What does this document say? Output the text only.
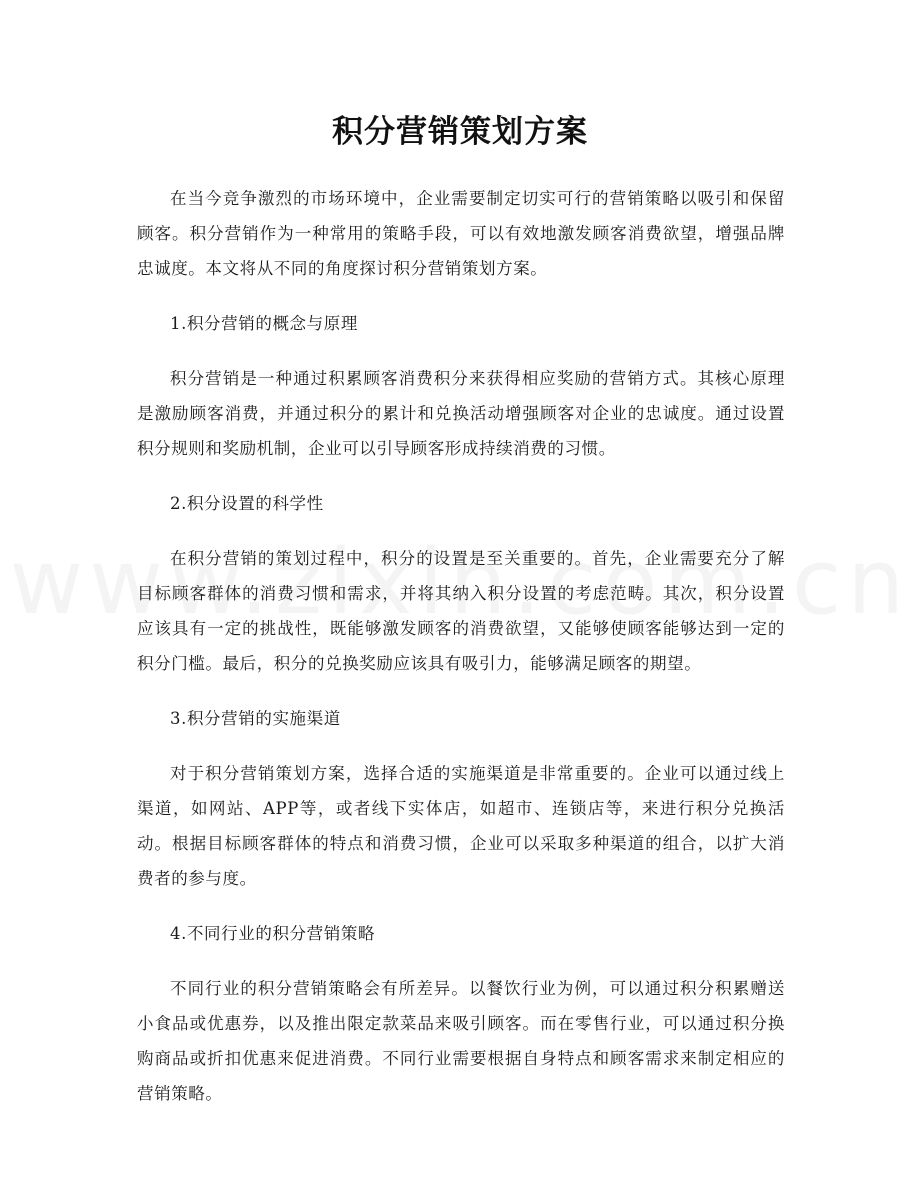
积分营销策划方案

在当今竞争激烈的市场环境中，企业需要制定切实可行的营销策略以吸引和保留顾客。积分营销作为一种常用的策略手段，可以有效地激发顾客消费欲望，增强品牌忠诚度。本文将从不同的角度探讨积分营销策划方案。

1.积分营销的概念与原理

积分营销是一种通过积累顾客消费积分来获得相应奖励的营销方式。其核心原理是激励顾客消费，并通过积分的累计和兑换活动增强顾客对企业的忠诚度。通过设置积分规则和奖励机制，企业可以引导顾客形成持续消费的习惯。

2.积分设置的科学性

在积分营销的策划过程中，积分的设置是至关重要的。首先，企业需要充分了解目标顾客群体的消费习惯和需求，并将其纳入积分设置的考虑范畴。其次，积分设置应该具有一定的挑战性，既能够激发顾客的消费欲望，又能够使顾客能够达到一定的积分门槛。最后，积分的兑换奖励应该具有吸引力，能够满足顾客的期望。

3.积分营销的实施渠道

对于积分营销策划方案，选择合适的实施渠道是非常重要的。企业可以通过线上渠道，如网站、APP等，或者线下实体店，如超市、连锁店等，来进行积分兑换活动。根据目标顾客群体的特点和消费习惯，企业可以采取多种渠道的组合，以扩大消费者的参与度。

4.不同行业的积分营销策略

不同行业的积分营销策略会有所差异。以餐饮行业为例，可以通过积分积累赠送小食品或优惠券，以及推出限定款菜品来吸引顾客。而在零售行业，可以通过积分换购商品或折扣优惠来促进消费。不同行业需要根据自身特点和顾客需求来制定相应的营销策略。
